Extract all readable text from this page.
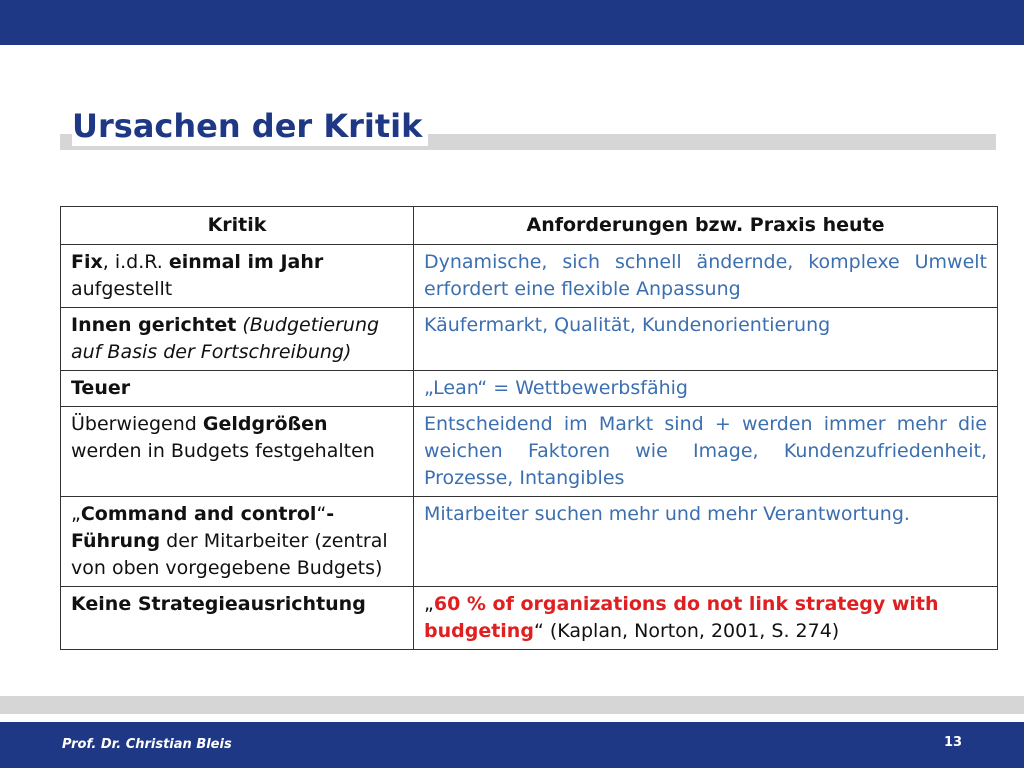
Ursachen der Kritik
Kritik	Anforderungen bzw. Praxis heute
Fix, i.d.R. einmal im Jahr aufgestellt	Dynamische, sich schnell ändernde, komplexe Umwelt erfordert eine flexible Anpassung
Innen gerichtet (Budgetierung auf Basis der Fortschreibung)	Käufermarkt, Qualität, Kundenorientierung
Teuer	„Lean“ = Wettbewerbsfähig
Überwiegend Geldgrößen werden in Budgets festgehalten	Entscheidend im Markt sind + werden immer mehr die weichen Faktoren wie Image, Kundenzufriedenheit, Prozesse, Intangibles
„Command and control“-Führung der Mitarbeiter (zentral von oben vorgegebene Budgets)	Mitarbeiter suchen mehr und mehr Verantwortung.
Keine Strategieausrichtung	„60 % of organizations do not link strategy with budgeting“ (Kaplan, Norton, 2001, S. 274)
Prof. Dr. Christian Bleis	13
